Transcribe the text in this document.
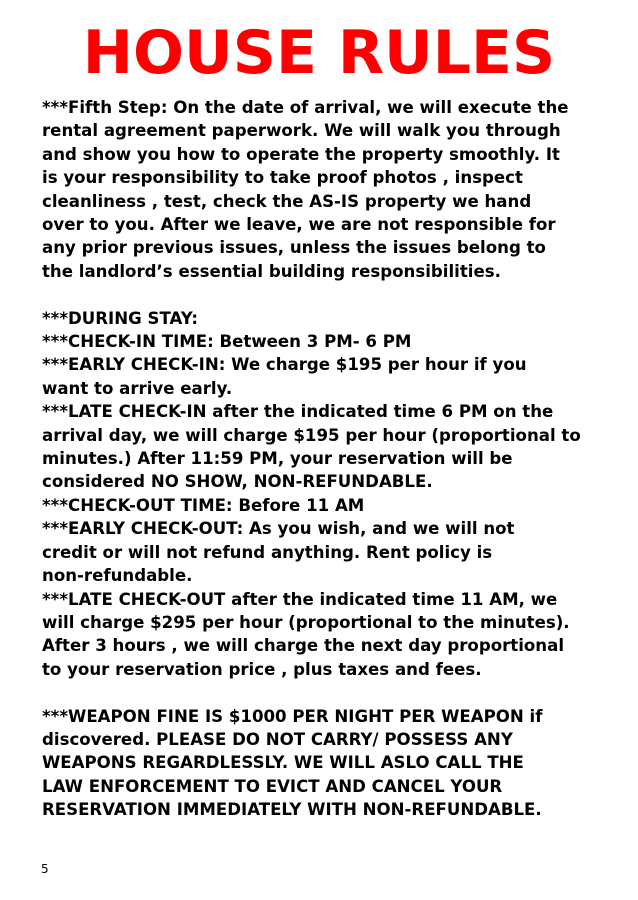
HOUSE RULES

***Fifth Step: On the date of arrival, we will execute the
rental agreement paperwork. We will walk you through
and show you how to operate the property smoothly. It
is your responsibility to take proof photos , inspect
cleanliness , test, check the AS-IS property we hand
over to you. After we leave, we are not responsible for
any prior previous issues, unless the issues belong to
the landlord’s essential building responsibilities.

***DURING STAY:
***CHECK-IN TIME: Between 3 PM- 6 PM
***EARLY CHECK-IN: We charge $195 per hour if you
want to arrive early.
***LATE CHECK-IN after the indicated time 6 PM on the
arrival day, we will charge $195 per hour (proportional to
minutes.) After 11:59 PM, your reservation will be
considered NO SHOW, NON-REFUNDABLE.
***CHECK-OUT TIME: Before 11 AM
***EARLY CHECK-OUT: As you wish, and we will not
credit or will not refund anything. Rent policy is
non-refundable.
***LATE CHECK-OUT after the indicated time 11 AM, we
will charge $295 per hour (proportional to the minutes).
After 3 hours , we will charge the next day proportional
to your reservation price , plus taxes and fees.

***WEAPON FINE IS $1000 PER NIGHT PER WEAPON if
discovered. PLEASE DO NOT CARRY/ POSSESS ANY
WEAPONS REGARDLESSLY. WE WILL ASLO CALL THE
LAW ENFORCEMENT TO EVICT AND CANCEL YOUR
RESERVATION IMMEDIATELY WITH NON-REFUNDABLE.

5
